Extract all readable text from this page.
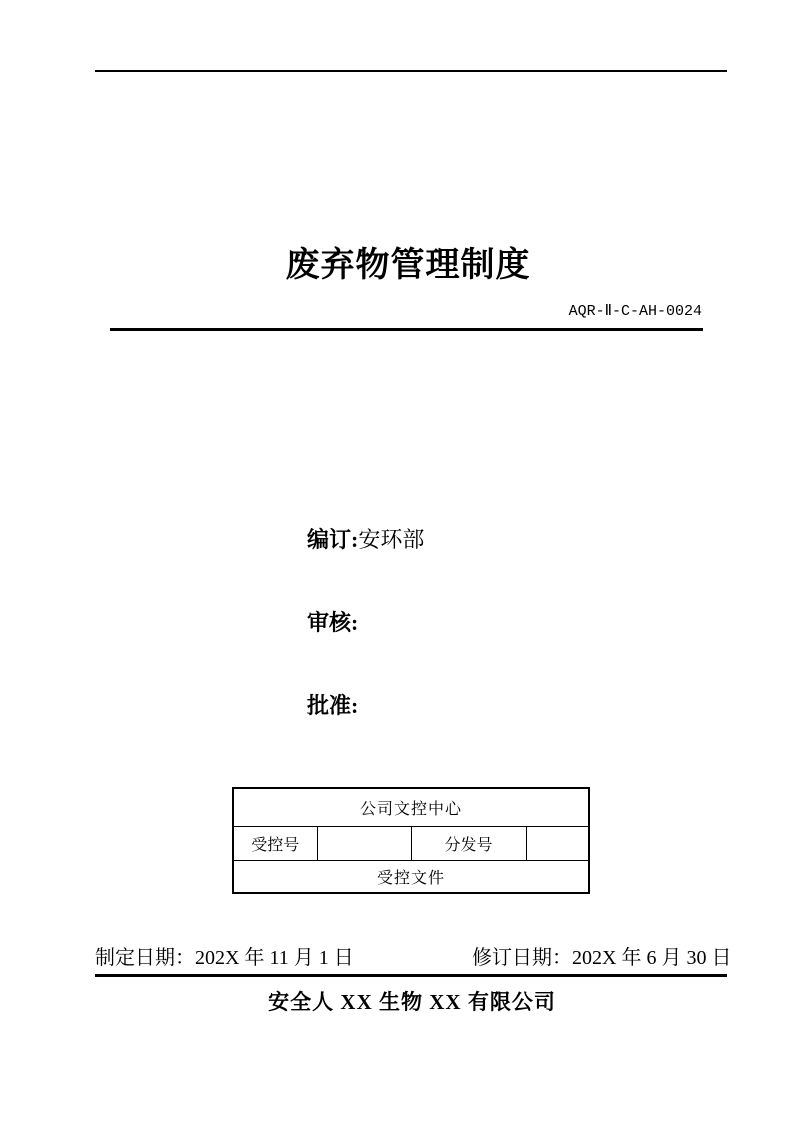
废弃物管理制度
AQR-Ⅱ-C-AH-0024
编订:安环部
审核:
批准:
公司文控中心
受控号		分发号	
受控文件
制定日期：202X 年 11 月 1 日	修订日期：202X 年 6 月 30 日
安全人 XX 生物 XX 有限公司
